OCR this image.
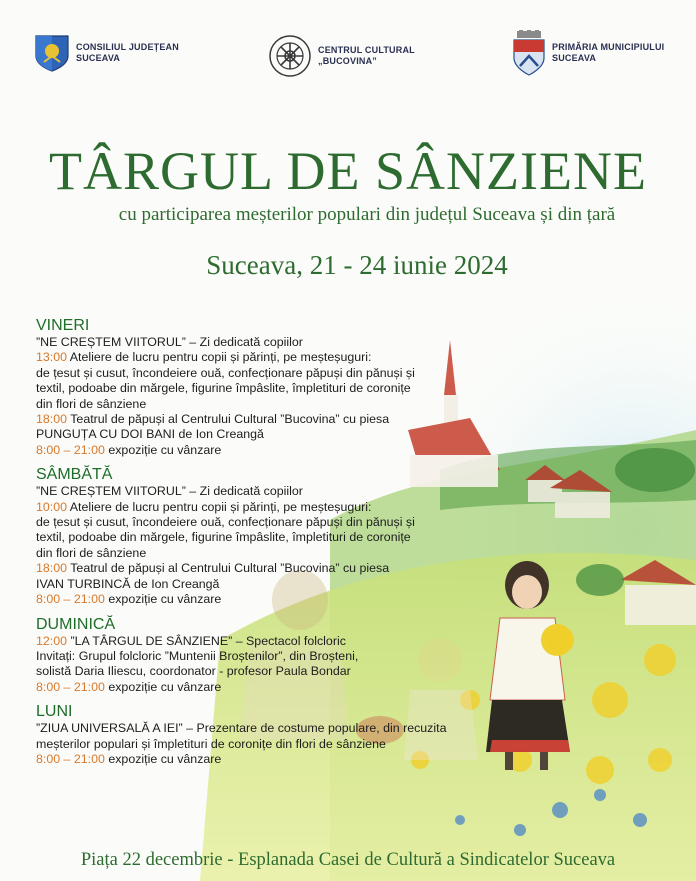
CONSILIUL JUDEȚEAN
SUCEAVA
CENTRUL CULTURAL
„BUCOVINA”
PRIMĂRIA MUNICIPIULUI
SUCEAVA
TÂRGUL DE SÂNZIENE
cu participarea meșterilor populari din județul Suceava și din țară
Suceava, 21 - 24 iunie 2024
VINERI
”NE CREȘTEM VIITORUL” – Zi dedicată copiilor
13:00 Ateliere de lucru pentru copii și părinți, pe meșteșuguri:
de țesut și cusut, încondeiere ouă, confecționare păpuși din pănuși și
textil, podoabe din mărgele, figurine împâslite, împletituri de coronițe
din flori de sânziene
18:00 Teatrul de păpuși al Centrului Cultural ”Bucovina” cu piesa
PUNGUȚA CU DOI BANI de Ion Creangă
8:00 – 21:00 expoziție cu vânzare
SÂMBĂTĂ
”NE CREȘTEM VIITORUL” – Zi dedicată copiilor
10:00 Ateliere de lucru pentru copii și părinți, pe meșteșuguri:
de țesut și cusut, încondeiere ouă, confecționare păpuși din pănuși și
textil, podoabe din mărgele, figurine împâslite, împletituri de coronițe
din flori de sânziene
18:00 Teatrul de păpuși al Centrului Cultural ”Bucovina” cu piesa
IVAN TURBINCĂ de Ion Creangă
8:00 – 21:00 expoziție cu vânzare
DUMINICĂ
12:00 ”LA TÂRGUL DE SÂNZIENE” – Spectacol folcloric
Invitați: Grupul folcloric ”Muntenii Broștenilor”, din Broșteni,
solistă Daria Iliescu, coordonator - profesor Paula Bondar
8:00 – 21:00 expoziție cu vânzare
LUNI
”ZIUA UNIVERSALĂ A IEI” – Prezentare de costume populare, din recuzita
meșterilor populari și împletituri de coronițe din flori de sânziene
8:00 – 21:00 expoziție cu vânzare
Piața 22 decembrie - Esplanada Casei de Cultură a Sindicatelor Suceava
